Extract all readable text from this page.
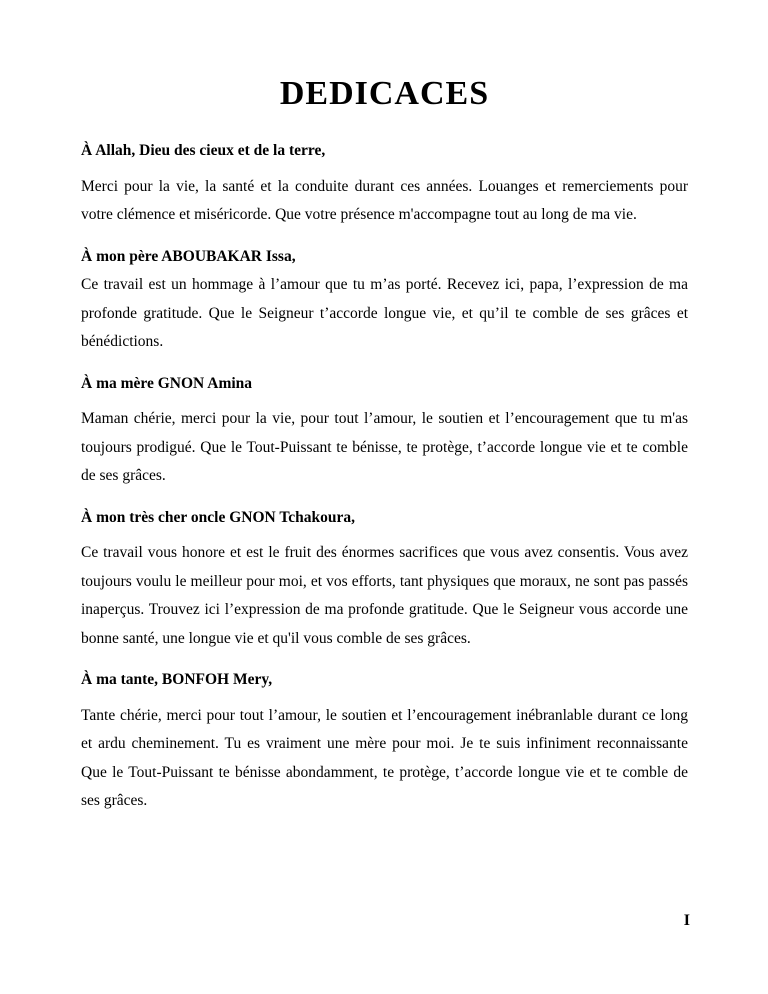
DEDICACES
À Allah, Dieu des cieux et de la terre,

Merci pour la vie, la santé et la conduite durant ces années. Louanges et remerciements pour votre clémence et miséricorde. Que votre présence m'accompagne tout au long de ma vie.

À mon père ABOUBAKAR Issa,

Ce travail est un hommage à l’amour que tu m’as porté. Recevez ici, papa, l’expression de ma profonde gratitude. Que le Seigneur t’accorde longue vie, et qu’il te comble de ses grâces et bénédictions.

À ma mère GNON Amina

Maman chérie, merci pour la vie, pour tout l’amour, le soutien et l’encouragement que tu m'as toujours prodigué. Que le Tout-Puissant te bénisse, te protège, t’accorde longue vie et te comble de ses grâces.

À mon très cher oncle GNON Tchakoura,

Ce travail vous honore et est le fruit des énormes sacrifices que vous avez consentis. Vous avez toujours voulu le meilleur pour moi, et vos efforts, tant physiques que moraux, ne sont pas passés inaperçus. Trouvez ici l’expression de ma profonde gratitude. Que le Seigneur vous accorde une bonne santé, une longue vie et qu'il vous comble de ses grâces.

À ma tante, BONFOH Mery,

Tante chérie, merci pour tout l’amour, le soutien et l’encouragement inébranlable durant ce long et ardu cheminement. Tu es vraiment une mère pour moi. Je te suis infiniment reconnaissante Que le Tout-Puissant te bénisse abondamment, te protège, t’accorde longue vie et te comble de ses grâces.

I
